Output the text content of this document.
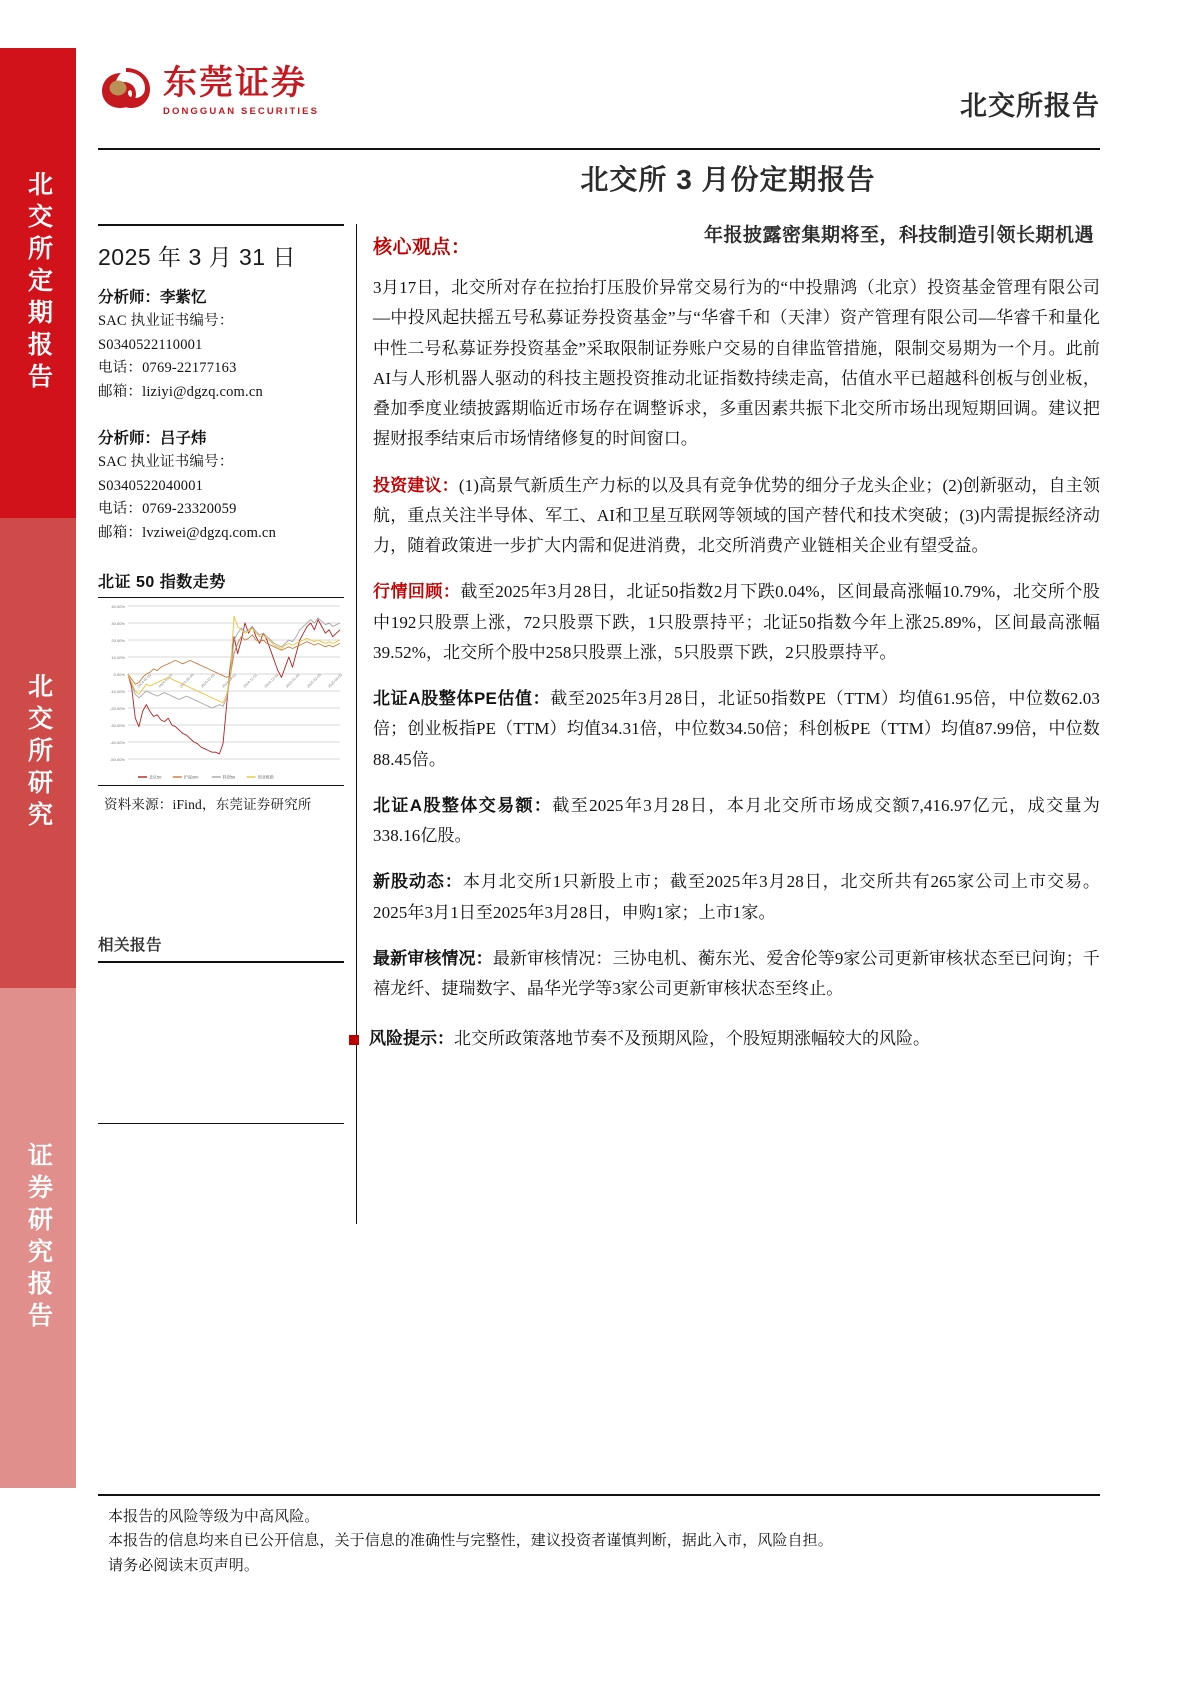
北交所定期报告
北交所研究
证券研究报告
东莞证券
DONGGUAN SECURITIES	北交所报告
北交所 3 月份定期报告
年报披露密集期将至，科技制造引领长期机遇
2025 年 3 月 31 日
分析师：李紫忆
SAC 执业证书编号：
S0340522110001
电话：0769-22177163
邮箱：liziyi@dgzq.com.cn
分析师：吕子炜
SAC 执业证书编号：
S0340522040001
电话：0769-23320059
邮箱：lvziwei@dgzq.com.cn
北证 50 指数走势
40.00%
30.00%
20.00%
10.00%
0.00%
-10.00%
-20.00%
-30.00%
-40.00%
-50.00%
2024-01-02 2024-03-01 2024-05-06 2024-07-01 2024-09-02 2024-11-01 2024-12-02 2025-01-02 2025-02-05 2025-03-03
北证50	沪深300	科创50	创业板指
资料来源：iFind，东莞证券研究所
相关报告
核心观点：

3月17日，北交所对存在拉抬打压股价异常交易行为的“中投鼎鸿（北京）投资基金管理有限公司—中投风起扶摇五号私募证券投资基金”与“华睿千和（天津）资产管理有限公司—华睿千和量化中性二号私募证券投资基金”采取限制证券账户交易的自律监管措施，限制交易期为一个月。此前AI与人形机器人驱动的科技主题投资推动北证指数持续走高，估值水平已超越科创板与创业板，叠加季度业绩披露期临近市场存在调整诉求，多重因素共振下北交所市场出现短期回调。建议把握财报季结束后市场情绪修复的时间窗口。

投资建议：(1)高景气新质生产力标的以及具有竞争优势的细分子龙头企业；(2)创新驱动，自主领航，重点关注半导体、军工、AI和卫星互联网等领域的国产替代和技术突破；(3)内需提振经济动力，随着政策进一步扩大内需和促进消费，北交所消费产业链相关企业有望受益。

行情回顾：截至2025年3月28日，北证50指数2月下跌0.04%，区间最高涨幅10.79%，北交所个股中192只股票上涨，72只股票下跌，1只股票持平；北证50指数今年上涨25.89%，区间最高涨幅39.52%，北交所个股中258只股票上涨，5只股票下跌，2只股票持平。

北证A股整体PE估值：截至2025年3月28日，北证50指数PE（TTM）均值61.95倍，中位数62.03倍；创业板指PE（TTM）均值34.31倍，中位数34.50倍；科创板PE（TTM）均值87.99倍，中位数88.45倍。

北证A股整体交易额：截至2025年3月28日，本月北交所市场成交额7,416.97亿元，成交量为338.16亿股。

新股动态：本月北交所1只新股上市；截至2025年3月28日，北交所共有265家公司上市交易。2025年3月1日至2025年3月28日，申购1家；上市1家。

最新审核情况：最新审核情况：三协电机、蘅东光、爱舍伦等9家公司更新审核状态至已问询；千禧龙纤、捷瑞数字、晶华光学等3家公司更新审核状态至终止。

风险提示：北交所政策落地节奏不及预期风险，个股短期涨幅较大的风险。
本报告的风险等级为中高风险。
本报告的信息均来自已公开信息，关于信息的准确性与完整性，建议投资者谨慎判断，据此入市，风险自担。
请务必阅读末页声明。
